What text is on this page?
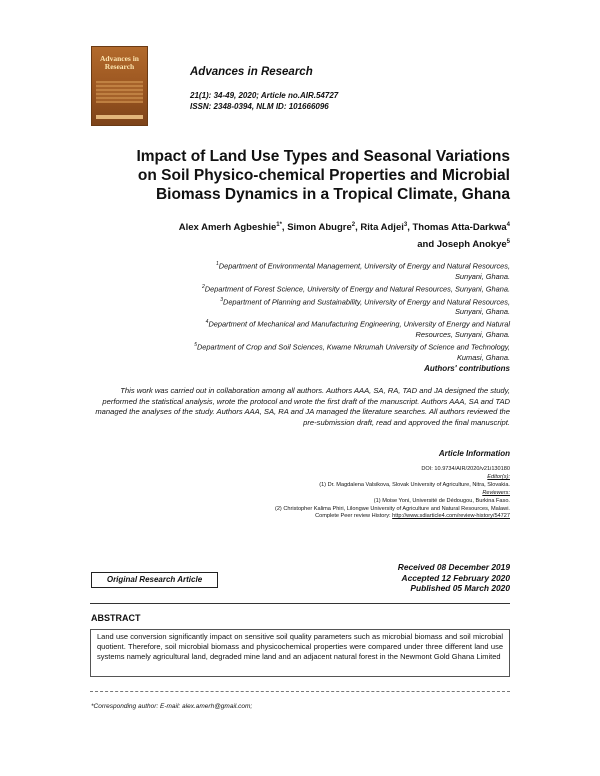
Advances in
Research	Advances in Research
21(1): 34-49, 2020; Article no.AIR.54727
ISSN: 2348-0394, NLM ID: 101666096
Impact of Land Use Types and Seasonal Variations
on Soil Physico-chemical Properties and Microbial
Biomass Dynamics in a Tropical Climate, Ghana
Alex Amerh Agbeshie$^{1*}$, Simon Abugre$^2$, Rita Adjei$^3$, Thomas Atta-Darkwa$^4$
and Joseph Anokye$^5$
$^1$Department of Environmental Management, University of Energy and Natural Resources,
Sunyani, Ghana.
$^2$Department of Forest Science, University of Energy and Natural Resources, Sunyani, Ghana.
$^3$Department of Planning and Sustainability, University of Energy and Natural Resources,
Sunyani, Ghana.
$^4$Department of Mechanical and Manufacturing Engineering, University of Energy and Natural
Resources, Sunyani, Ghana.
$^5$Department of Crop and Soil Sciences, Kwame Nkrumah University of Science and Technology,
Kumasi, Ghana.
Authors' contributions
This work was carried out in collaboration among all authors. Authors AAA, SA, RA, TAD and JA designed the study, performed the statistical analysis, wrote the protocol and wrote the first draft of the manuscript. Authors AAA, SA and TAD managed the analyses of the study. Authors AAA, SA, RA and JA managed the literature searches. All authors reviewed the pre-submission draft, read and approved the final manuscript.
Article Information
DOI: 10.9734/AIR/2020/v21i130180
Editor(s):
(1) Dr. Magdalena Valsikova, Slovak University of Agriculture, Nitra, Slovakia.
Reviewers:
(1) Moise Yoni, Université de Dédougou, Burkina Faso.
(2) Christopher Kalima Phiri, Lilongwe University of Agriculture and Natural Resources, Malawi.
Complete Peer review History: http://www.sdiarticle4.com/review-history/54727
Received 08 December 2019
Accepted 12 February 2020
Published 05 March 2020
Original Research Article
ABSTRACT
Land use conversion significantly impact on sensitive soil quality parameters such as microbial biomass and soil microbial quotient. Therefore, soil microbial biomass and physicochemical properties were compared under three different land use systems namely agricultural land, degraded mine land and an adjacent natural forest in the Newmont Gold Ghana Limited
*Corresponding author: E-mail: alex.amerh@gmail.com;
